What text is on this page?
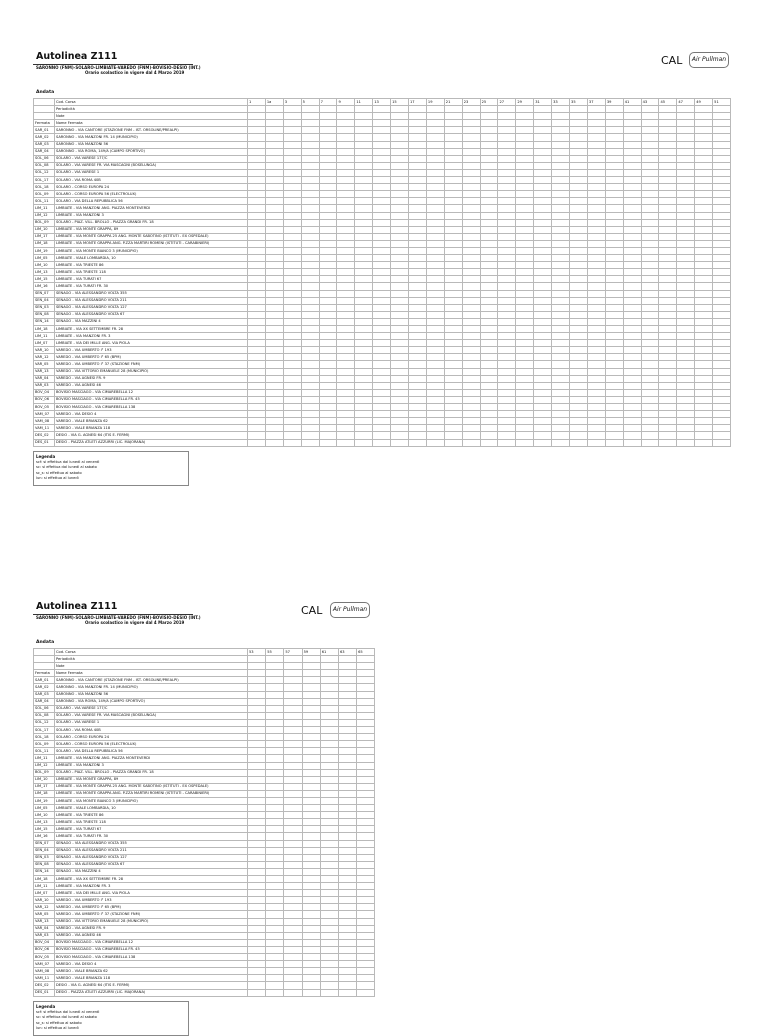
Autolinea Z111
SARONNO (FNM)-SOLARO-LIMBIATE-VAREDO (FNM)-BOVISIO-DESIO (INT.)
Orario scolastico in vigore dal 4 Marzo 2019
CAL	Air Pullman
Andata
	Cod. Corsa	1	1a	3	5	7	9	11	13	15	17	19	21	23	25	27	29	31	33	35	37	39	41	43	45	47	49	51
	Periodicità																											
	Note																											
Fermata	Nome Fermata																											
SAR_01	SARONNO - VIA CANTORE (STAZIONE FNM - IST. ORSOLINE/PREALPI)																											
SAR_02	SARONNO - VIA MANZONI FR. 14 (MUNICIPIO)																											
SAR_03	SARONNO - VIA MANZONI 56																											
SAR_04	SARONNO - VIA ROMA, 149/A (CAMPO SPORTIVO)																											
SOL_06	SOLARO - VIA VARESE 177/C																											
SOL_08	SOLARO - VIA VARESE FR. VIA MASCAGNI (BOSELUNGA)																											
SOL_12	SOLARO - VIA VARESE 1																											
SOL_17	SOLARO - VIA ROMA 40B																											
SOL_18	SOLARO - CORSO EUROPA 24																											
SOL_09	SOLARO - CORSO EUROPA 56 (ELECTROLUX)																											
SOL_11	SOLARO - VIA DELLA REPUBBLICA 56																											
LIM_11	LIMBIATE - VIA MANZONI ANG. PIAZZA MONTEVERDI																											
LIM_12	LIMBIATE - VIA MANZONI 3																											
BOL_09	SOLARO - PIAZ. VILL. BROLLO - PIAZZA GRANDI FR. 18																											
LIM_10	LIMBIATE - VIA MONTE GRAPPA, 89																											
LIM_17	LIMBIATE - VIA MONTE GRAPPA 25 ANG. MONTE SABOTINO (ISTITUTI - EX OSPEDALE)																											
LIM_18	LIMBIATE - VIA MONTE GRAPPA ANG. P.ZZA MARTIRI ROMENI (ISTITUTI - CARABINIERI)																											
LIM_19	LIMBIATE - VIA MONTE BIANCO 3 (MUNICIPIO)																											
LIM_05	LIMBIATE - VIALE LOMBARDIA, 10																											
LIM_10	LIMBIATE - VIA TRIESTE 86																											
LIM_13	LIMBIATE - VIA TRIESTE 118																											
LIM_15	LIMBIATE - VIA TURATI 67																											
LIM_16	LIMBIATE - VIA TURATI FR. 30																											
SEN_07	SENAGO - VIA ALESSANDRO VOLTA 355																											
SEN_04	SENAGO - VIA ALESSANDRO VOLTA 211																											
SEN_03	SENAGO - VIA ALESSANDRO VOLTA 127																											
SEN_08	SENAGO - VIA ALESSANDRO VOLTA 67																											
SEN_14	SENAGO - VIA MAZZINI 4																											
LIM_18	LIMBIATE - VIA XX SETTEMBRE FR. 28																											
LIM_11	LIMBIATE - VIA MANZONI FR. 3																											
LIM_07	LIMBIATE - VIA DEI MILLE ANG. VIA PIOLA																											
VAR_10	VAREDO - VIA UMBERTO I° 193																											
VAR_12	VAREDO - VIA UMBERTO I° 65 (BPM)																											
VAR_05	VAREDO - VIA UMBERTO I° 37 (STAZIONE FNM)																											
VAR_13	VAREDO - VIA VITTORIO EMANUELE 28 (MUNICIPIO)																											
VAR_04	VAREDO - VIA AGNESI FR. 9																											
VAR_03	VAREDO - VIA AGNESI 46																											
BOV_04	BOVISIO MASCIAGO - VIA CIMAREBELLA 12																											
BOV_06	BOVISIO MASCIAGO - VIA CIMAREBELLA FR. 45																											
BOV_05	BOVISIO MASCIAGO - VIA CIMAREBELLA 138																											
VAM_07	VAREDO - VIA DESIO 4																											
VAM_08	VAREDO - VIALE BRIANZA 62																											
VAM_11	VAREDO - VIALE BRIANZA 118																											
DES_02	DESIO - VIA G. AGNESI 64 (ITIS E. FERMI)																											
DES_01	DESIO - PIAZZA ATLETI AZZURRI (LIC. MAJORANA)																											
Legenda
scf: si effettua dal lunedì al venerdì
sc: si effettua dal lunedì al sabato
sc_s: si effettua al sabato
lun: si effettua al lunedì
Autolinea Z111
SARONNO (FNM)-SOLARO-LIMBIATE-VAREDO (FNM)-BOVISIO-DESIO (INT.)
Orario scolastico in vigore dal 4 Marzo 2019
CAL	Air Pullman
Andata
	Cod. Corsa	53	55	57	59	61	63	65
	Periodicità							
	Note							
Fermata	Nome Fermata							
SAR_01	SARONNO - VIA CANTORE (STAZIONE FNM - IST. ORSOLINE/PREALPI)							
SAR_02	SARONNO - VIA MANZONI FR. 14 (MUNICIPIO)							
SAR_03	SARONNO - VIA MANZONI 56							
SAR_04	SARONNO - VIA ROMA, 149/A (CAMPO SPORTIVO)							
SOL_06	SOLARO - VIA VARESE 177/C							
SOL_08	SOLARO - VIA VARESE FR. VIA MASCAGNI (BOSELUNGA)							
SOL_12	SOLARO - VIA VARESE 1							
SOL_17	SOLARO - VIA ROMA 40B							
SOL_18	SOLARO - CORSO EUROPA 24							
SOL_09	SOLARO - CORSO EUROPA 56 (ELECTROLUX)							
SOL_11	SOLARO - VIA DELLA REPUBBLICA 56							
LIM_11	LIMBIATE - VIA MANZONI ANG. PIAZZA MONTEVERDI							
LIM_12	LIMBIATE - VIA MANZONI 3							
BOL_09	SOLARO - PIAZ. VILL. BROLLO - PIAZZA GRANDI FR. 18							
LIM_10	LIMBIATE - VIA MONTE GRAPPA, 89							
LIM_17	LIMBIATE - VIA MONTE GRAPPA 25 ANG. MONTE SABOTINO (ISTITUTI - EX OSPEDALE)							
LIM_18	LIMBIATE - VIA MONTE GRAPPA ANG. P.ZZA MARTIRI ROMENI (ISTITUTI - CARABINIERI)							
LIM_19	LIMBIATE - VIA MONTE BIANCO 3 (MUNICIPIO)							
LIM_05	LIMBIATE - VIALE LOMBARDIA, 10							
LIM_10	LIMBIATE - VIA TRIESTE 86							
LIM_13	LIMBIATE - VIA TRIESTE 118							
LIM_15	LIMBIATE - VIA TURATI 67							
LIM_16	LIMBIATE - VIA TURATI FR. 30							
SEN_07	SENAGO - VIA ALESSANDRO VOLTA 355							
SEN_04	SENAGO - VIA ALESSANDRO VOLTA 211							
SEN_03	SENAGO - VIA ALESSANDRO VOLTA 127							
SEN_08	SENAGO - VIA ALESSANDRO VOLTA 67							
SEN_14	SENAGO - VIA MAZZINI 4							
LIM_18	LIMBIATE - VIA XX SETTEMBRE FR. 28							
LIM_11	LIMBIATE - VIA MANZONI FR. 3							
LIM_07	LIMBIATE - VIA DEI MILLE ANG. VIA PIOLA							
VAR_10	VAREDO - VIA UMBERTO I° 193							
VAR_12	VAREDO - VIA UMBERTO I° 65 (BPM)							
VAR_05	VAREDO - VIA UMBERTO I° 37 (STAZIONE FNM)							
VAR_13	VAREDO - VIA VITTORIO EMANUELE 28 (MUNICIPIO)							
VAR_04	VAREDO - VIA AGNESI FR. 9							
VAR_03	VAREDO - VIA AGNESI 46							
BOV_04	BOVISIO MASCIAGO - VIA CIMAREBELLA 12							
BOV_06	BOVISIO MASCIAGO - VIA CIMAREBELLA FR. 45							
BOV_05	BOVISIO MASCIAGO - VIA CIMAREBELLA 138							
VAM_07	VAREDO - VIA DESIO 4							
VAM_08	VAREDO - VIALE BRIANZA 62							
VAM_11	VAREDO - VIALE BRIANZA 118							
DES_02	DESIO - VIA G. AGNESI 64 (ITIS E. FERMI)							
DES_01	DESIO - PIAZZA ATLETI AZZURRI (LIC. MAJORANA)							
Legenda
scf: si effettua dal lunedì al venerdì
sc: si effettua dal lunedì al sabato
sc_s: si effettua al sabato
lun: si effettua al lunedì
